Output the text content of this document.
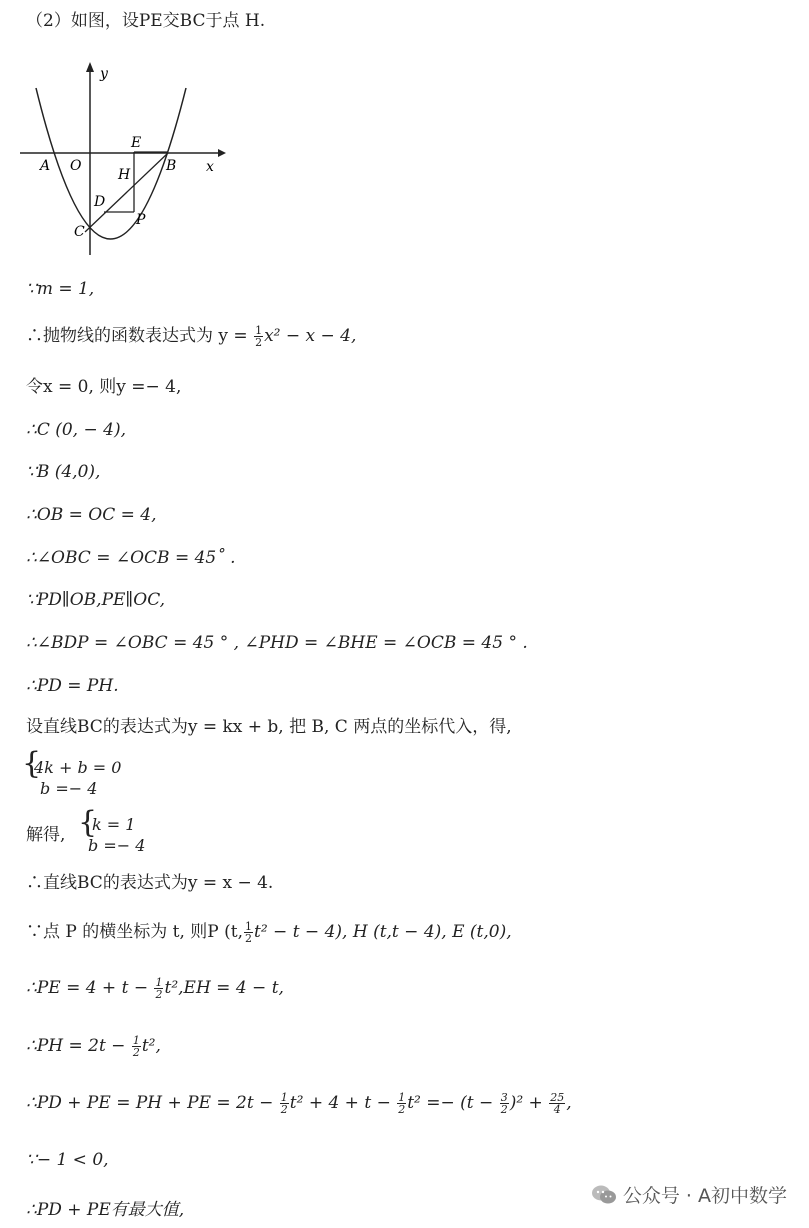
（2）如图，设PE交BC于点 H.
y
x
A O	B
E
H
D
P
C
∵m = 1,
∴抛物线的函数表达式为 $y = \frac{1}{2} x^2 - x - 4$,
令x = 0, 则y =− 4,
∴C (0, − 4),
∵B (4,0),
∴OB = OC = 4,
∴∠OBC = ∠OCB = 45˚ .
∵PD∥OB,PE∥OC,
∴∠BDP = ∠OBC = 45 ° , ∠PHD = ∠BHE = ∠OCB = 45 ° .
∴PD = PH.
设直线BC的表达式为y = kx + b, 把 B, C 两点的坐标代入，得,
{
4k + b = 0
b =− 4
解得, {
k = 1
b =− 4
∴直线BC的表达式为y = x − 4.
∵点 P 的横坐标为 t, 则P (t, $\frac{1}{2} t^2 - t - 4$), H (t,t − 4), E (t,0),
∴PE = $4 + t - \frac{1}{2} t^2,EH = 4 - t$,
∴PH = $2t - \frac{1}{2} t^2$,
∴PD + PE = PH + PE = $2t - \frac{1}{2} t^2 + 4 + t - \frac{1}{2} t^2 =- (t - \frac{3}{2} )^2 + \frac{25}{4}$ ,
∵− 1 < 0,
∴PD + PE有最大值,
公众号 · A初中数学
